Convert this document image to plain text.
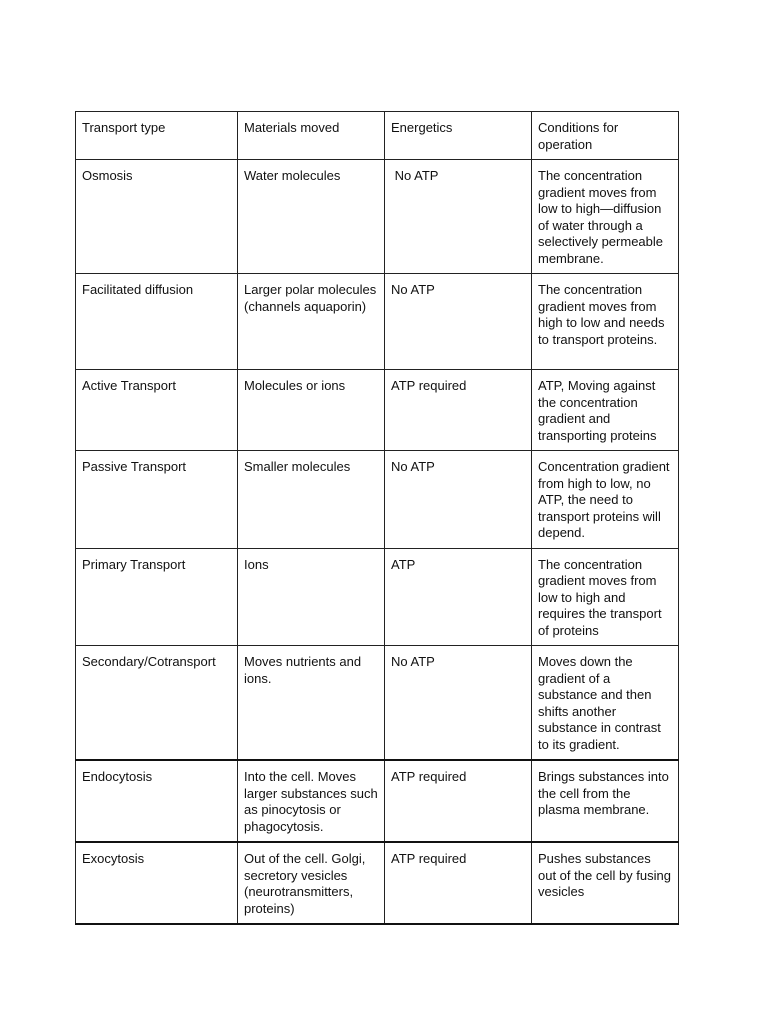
Transport type	Materials moved	Energetics	Conditions for operation
Osmosis	Water molecules	No ATP	The concentration gradient moves from low to high—diffusion of water through a selectively permeable membrane.
Facilitated diffusion	Larger polar molecules (channels aquaporin)	No ATP	The concentration gradient moves from high to low and needs to transport proteins.
Active Transport	Molecules or ions	ATP required	ATP, Moving against the concentration gradient and transporting proteins
Passive Transport	Smaller molecules	No ATP	Concentration gradient from high to low, no ATP, the need to transport proteins will depend.
Primary Transport	Ions	ATP	The concentration gradient moves from low to high and requires the transport of proteins
Secondary/Cotransport	Moves nutrients and ions.	No ATP	Moves down the gradient of a substance and then shifts another substance in contrast to its gradient.
Endocytosis	Into the cell. Moves larger substances such as pinocytosis or phagocytosis.	ATP required	Brings substances into the cell from the plasma membrane.
Exocytosis	Out of the cell. Golgi, secretory vesicles (neurotransmitters, proteins)	ATP required	Pushes substances out of the cell by fusing vesicles
